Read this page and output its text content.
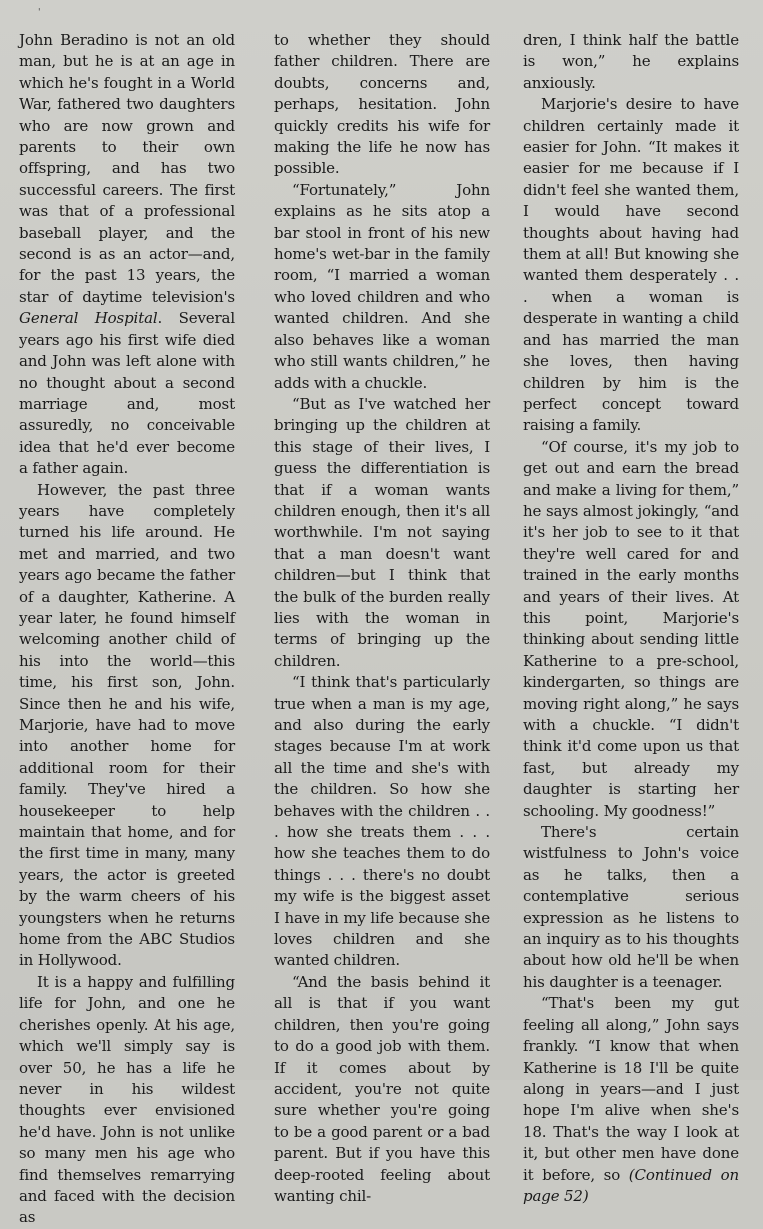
'

John Beradino is not an old man, but he is at an age in which he's fought in a World War, fathered two daughters who are now grown and parents to their own offspring, and has two successful careers. The first was that of a professional baseball player, and the second is as an actor—and, for the past 13 years, the star of daytime television's General Hospital. Several years ago his first wife died and John was left alone with no thought about a second marriage and, most assuredly, no conceivable idea that he'd ever become a father again.

However, the past three years have completely turned his life around. He met and married, and two years ago became the father of a daughter, Katherine. A year later, he found himself welcoming another child of his into the world—this time, his first son, John. Since then he and his wife, Marjorie, have had to move into another home for additional room for their family. They've hired a housekeeper to help maintain that home, and for the first time in many, many years, the actor is greeted by the warm cheers of his youngsters when he returns home from the ABC Studios in Hollywood.

It is a happy and fulfilling life for John, and one he cherishes openly. At his age, which we'll simply say is over 50, he has a life he never in his wildest thoughts ever envisioned he'd have. John is not unlike so many men his age who find themselves remarrying and faced with the decision as

to whether they should father children. There are doubts, concerns and, perhaps, hesitation. John quickly credits his wife for making the life he now has possible.

“Fortunately,” John explains as he sits atop a bar stool in front of his new home's wet-bar in the family room, “I married a woman who loved children and who wanted children. And she also behaves like a woman who still wants children,” he adds with a chuckle.

“But as I've watched her bringing up the children at this stage of their lives, I guess the differentiation is that if a woman wants children enough, then it's all worthwhile. I'm not saying that a man doesn't want children—but I think that the bulk of the burden really lies with the woman in terms of bringing up the children.

“I think that's particularly true when a man is my age, and also during the early stages because I'm at work all the time and she's with the children. So how she behaves with the children . . . how she treats them . . . how she teaches them to do things . . . there's no doubt my wife is the biggest asset I have in my life because she loves children and she wanted children.

“And the basis behind it all is that if you want children, then you're going to do a good job with them. If it comes about by accident, you're not quite sure whether you're going to be a good parent or a bad parent. But if you have this deep-rooted feeling about wanting chil-

dren, I think half the battle is won,” he explains anxiously.

Marjorie's desire to have children certainly made it easier for John. “It makes it easier for me because if I didn't feel she wanted them, I would have second thoughts about having had them at all! But knowing she wanted them desperately . . . when a woman is desperate in wanting a child and has married the man she loves, then having children by him is the perfect concept toward raising a family.

“Of course, it's my job to get out and earn the bread and make a living for them,” he says almost jokingly, “and it's her job to see to it that they're well cared for and trained in the early months and years of their lives. At this point, Marjorie's thinking about sending little Katherine to a pre-school, kindergarten, so things are moving right along,” he says with a chuckle. “I didn't think it'd come upon us that fast, but already my daughter is starting her schooling. My goodness!”

There's certain wistfulness to John's voice as he talks, then a contemplative serious expression as he listens to an inquiry as to his thoughts about how old he'll be when his daughter is a teenager.

“That's been my gut feeling all along,” John says frankly. “I know that when Katherine is 18 I'll be quite along in years—and I just hope I'm alive when she's 18. That's the way I look at it, but other men have done it before, so (Continued on page 52)
